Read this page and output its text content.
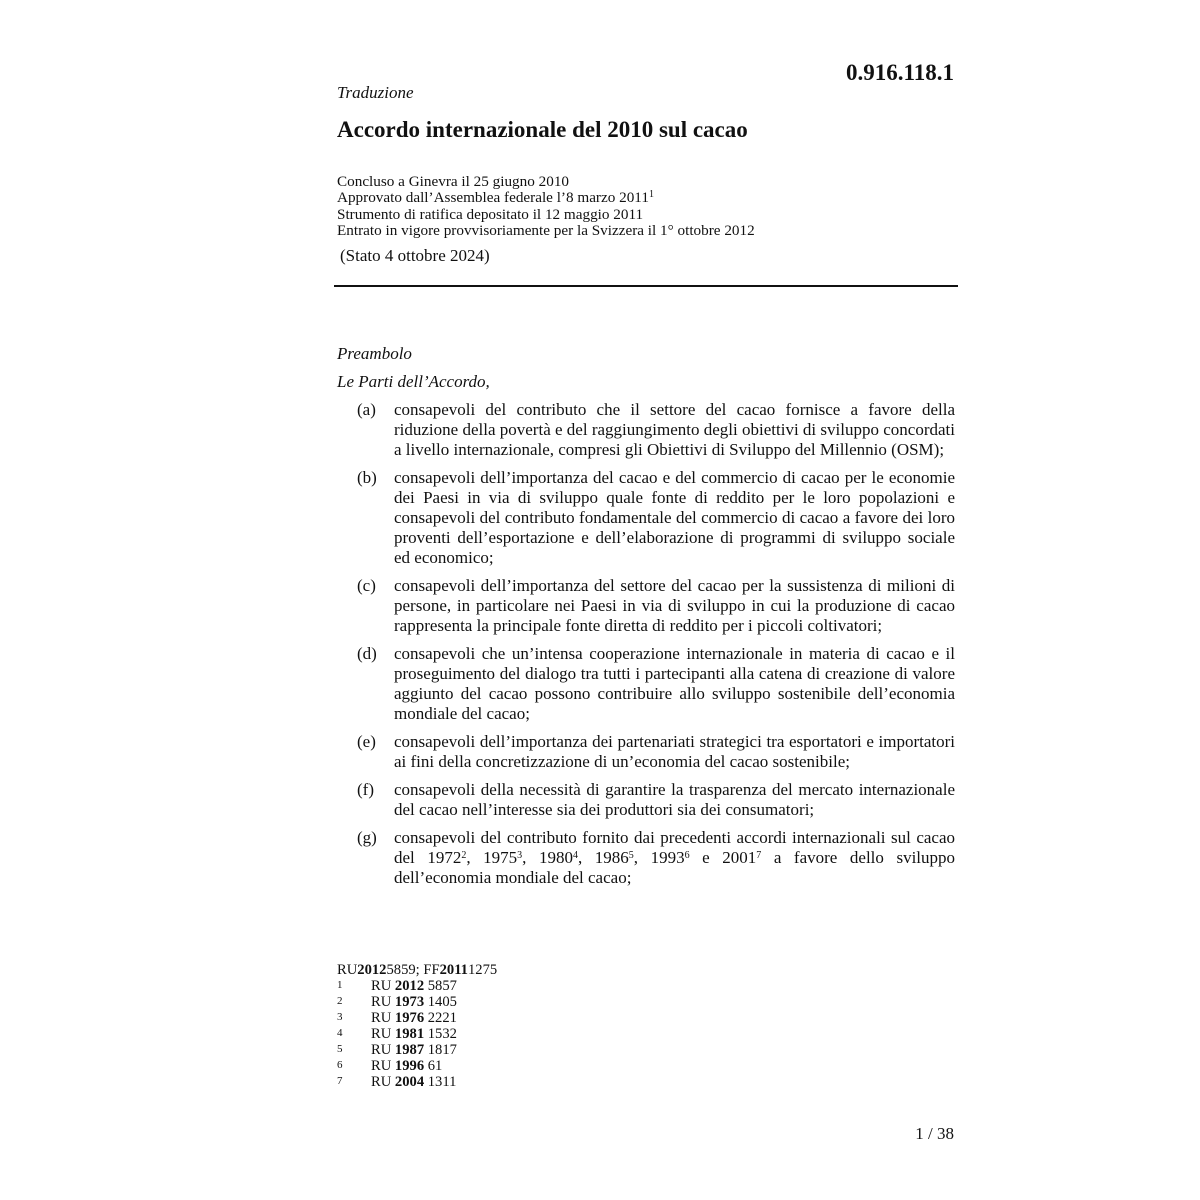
0.916.118.1
Traduzione
Accordo internazionale del 2010 sul cacao
Concluso a Ginevra il 25 giugno 2010
Approvato dall’Assemblea federale l’8 marzo 2011$^1$
Strumento di ratifica depositato il 12 maggio 2011
Entrato in vigore provvisoriamente per la Svizzera il 1° ottobre 2012
(Stato 4 ottobre 2024)
Preambolo
Le Parti dell’Accordo,
(a)	consapevoli del contributo che il settore del cacao fornisce a favore della riduzione della povertà e del raggiungimento degli obiettivi di sviluppo concordati a livello internazionale, compresi gli Obiettivi di Sviluppo del Millennio (OSM);
(b)	consapevoli dell’importanza del cacao e del commercio di cacao per le economie dei Paesi in via di sviluppo quale fonte di reddito per le loro popolazioni e consapevoli del contributo fondamentale del commercio di cacao a favore dei loro proventi dell’esportazione e dell’elaborazione di programmi di sviluppo sociale ed economico;
(c)	consapevoli dell’importanza del settore del cacao per la sussistenza di milioni di persone, in particolare nei Paesi in via di sviluppo in cui la produzione di cacao rappresenta la principale fonte diretta di reddito per i piccoli coltivatori;
(d)	consapevoli che un’intensa cooperazione internazionale in materia di cacao e il proseguimento del dialogo tra tutti i partecipanti alla catena di creazione di valore aggiunto del cacao possono contribuire allo sviluppo sostenibile dell’economia mondiale del cacao;
(e)	consapevoli dell’importanza dei partenariati strategici tra esportatori e importatori ai fini della concretizzazione di un’economia del cacao sostenibile;
(f)	consapevoli della necessità di garantire la trasparenza del mercato internazionale del cacao nell’interesse sia dei produttori sia dei consumatori;
(g)	consapevoli del contributo fornito dai precedenti accordi internazionali sul cacao del 1972$^2$, 1975$^3$, 1980$^4$, 1986$^5$, 1993$^6$ e 2001$^7$ a favore dello sviluppo dell’economia mondiale del cacao;
RU 2012 5859; FF 2011 1275
1	RU 2012 5857
2	RU 1973 1405
3	RU 1976 2221
4	RU 1981 1532
5	RU 1987 1817
6	RU 1996 61
7	RU 2004 1311
1 / 38
